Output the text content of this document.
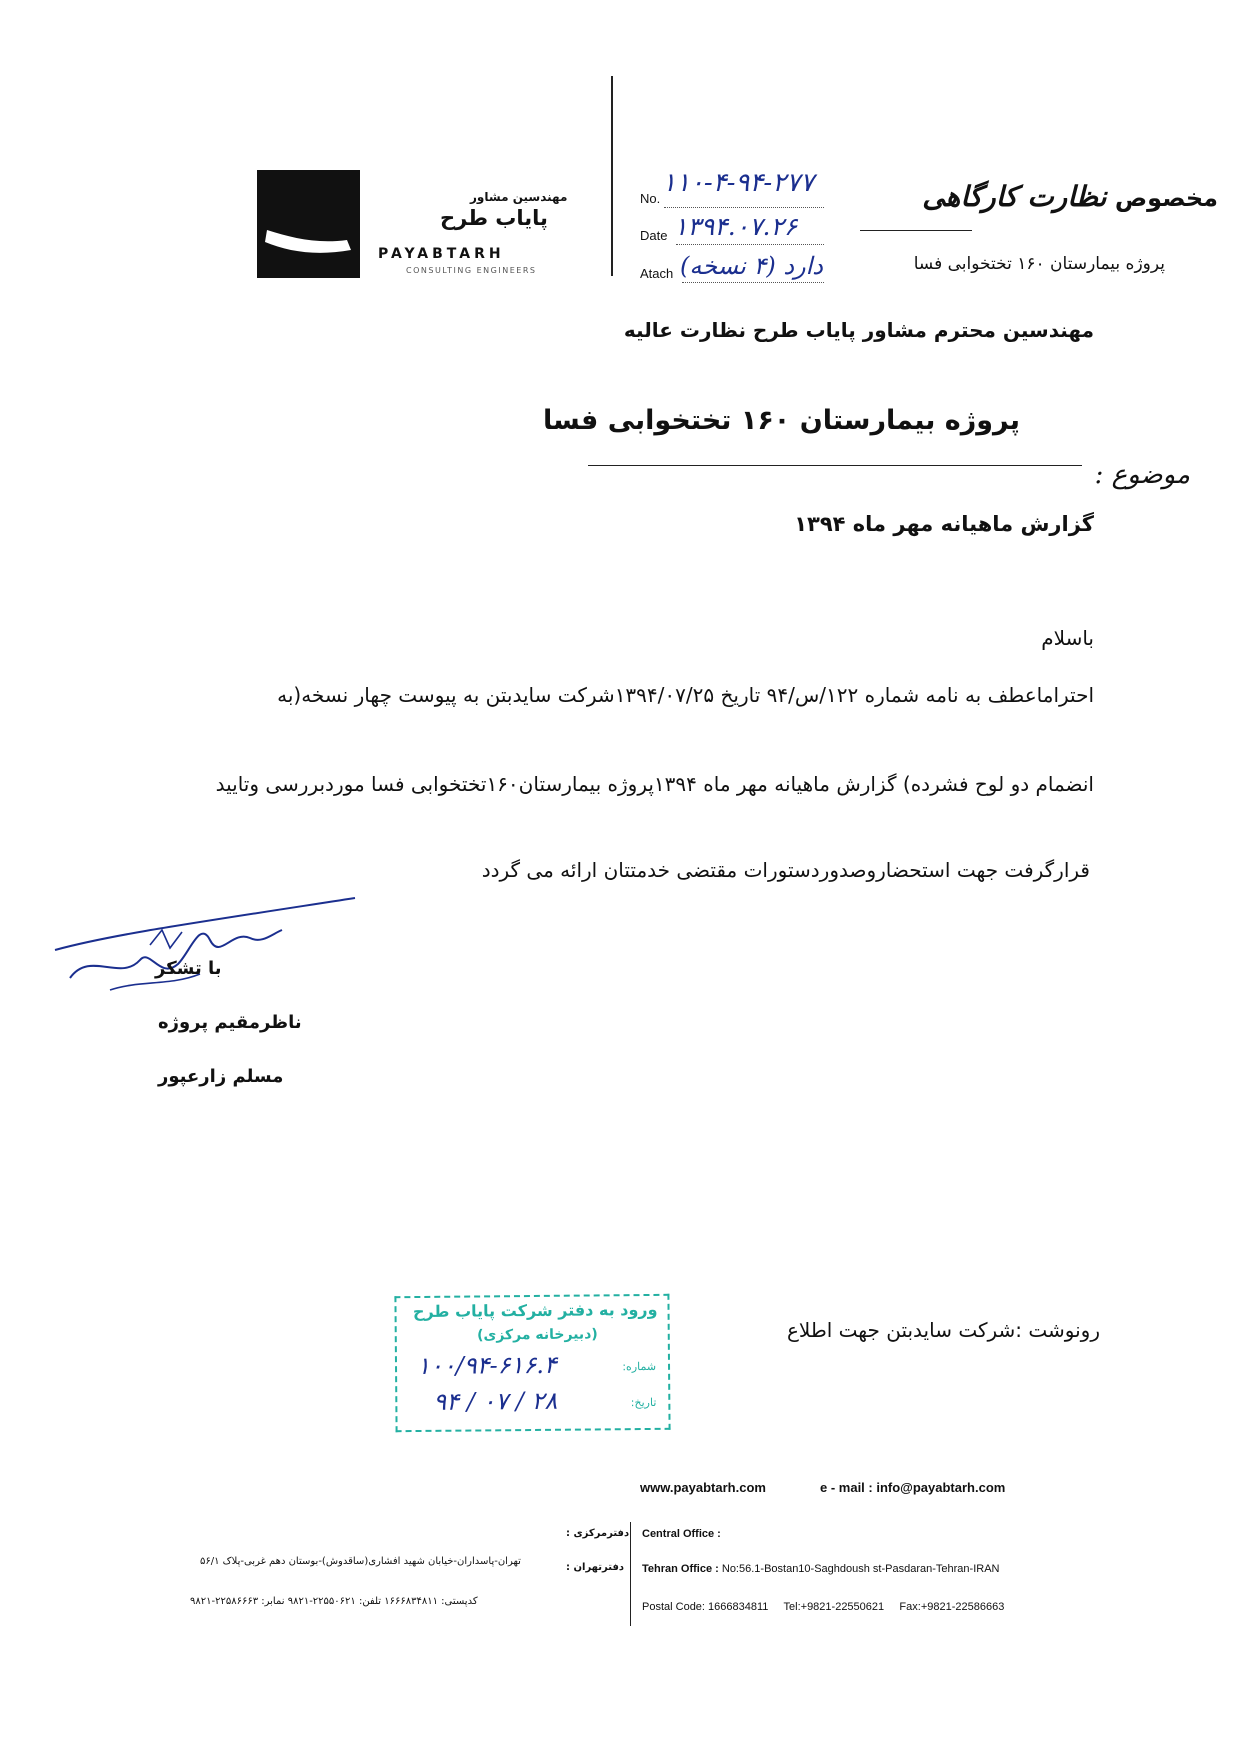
مهندسین مشاور
پایاب طرح
PAYABTARH
CONSULTING ENGINEERS
No.
۱۱۰-۴-۹۴-۲۷۷
Date ۱۳۹۴.۰۷.۲۶
Atach دارد (۴ نسخه)
مخصوص نظارت کارگاهی
پروژه بیمارستان ۱۶۰ تختخوابی فسا
مهندسین محترم مشاور پایاب طرح نظارت عالیه
پروژه بیمارستان ۱۶۰ تختخوابی فسا
موضوع :
گزارش ماهیانه مهر ماه ۱۳۹۴
باسلام
احتراماعطف به نامه شماره ۱۲۲/س/۹۴ تاریخ ۱۳۹۴/۰۷/۲۵شرکت سایدبتن به پیوست چهار نسخه(به
انضمام دو لوح فشرده) گزارش ماهیانه مهر ماه ۱۳۹۴پروژه بیمارستان۱۶۰تختخوابی فسا موردبررسی وتایید
قرارگرفت جهت استحضاروصدوردستورات مقتضی خدمتتان ارائه می گردد
با تشکر
ناظرمقیم پروژه
مسلم زارعپور
ورود به دفتر شرکت پایاب طرح
(دبیرخانه مرکزی)
شماره:
۱۰۰/۹۴-۶۱۶.۴
تاریخ:
۹۴ / ۰۷ / ۲۸
رونوشت :شرکت سایدبتن جهت اطلاع
www.payabtarh.com	e - mail : info@payabtarh.com
Central Office :
Tehran Office : No:56.1-Bostan10-Saghdoush st-Pasdaran-Tehran-IRAN
Postal Code: 1666834811 Tel:+9821-22550621 Fax:+9821-22586663
دفترمرکزی :
دفترتهران :
تهران-پاسداران-خیابان شهید افشاری(ساقدوش)-بوستان دهم غربی-پلاک ۵۶/۱
کدپستی: ۱۶۶۶۸۳۴۸۱۱ تلفن: ۲۲۵۵۰۶۲۱-۹۸۲۱ نمابر: ۲۲۵۸۶۶۶۳-۹۸۲۱
